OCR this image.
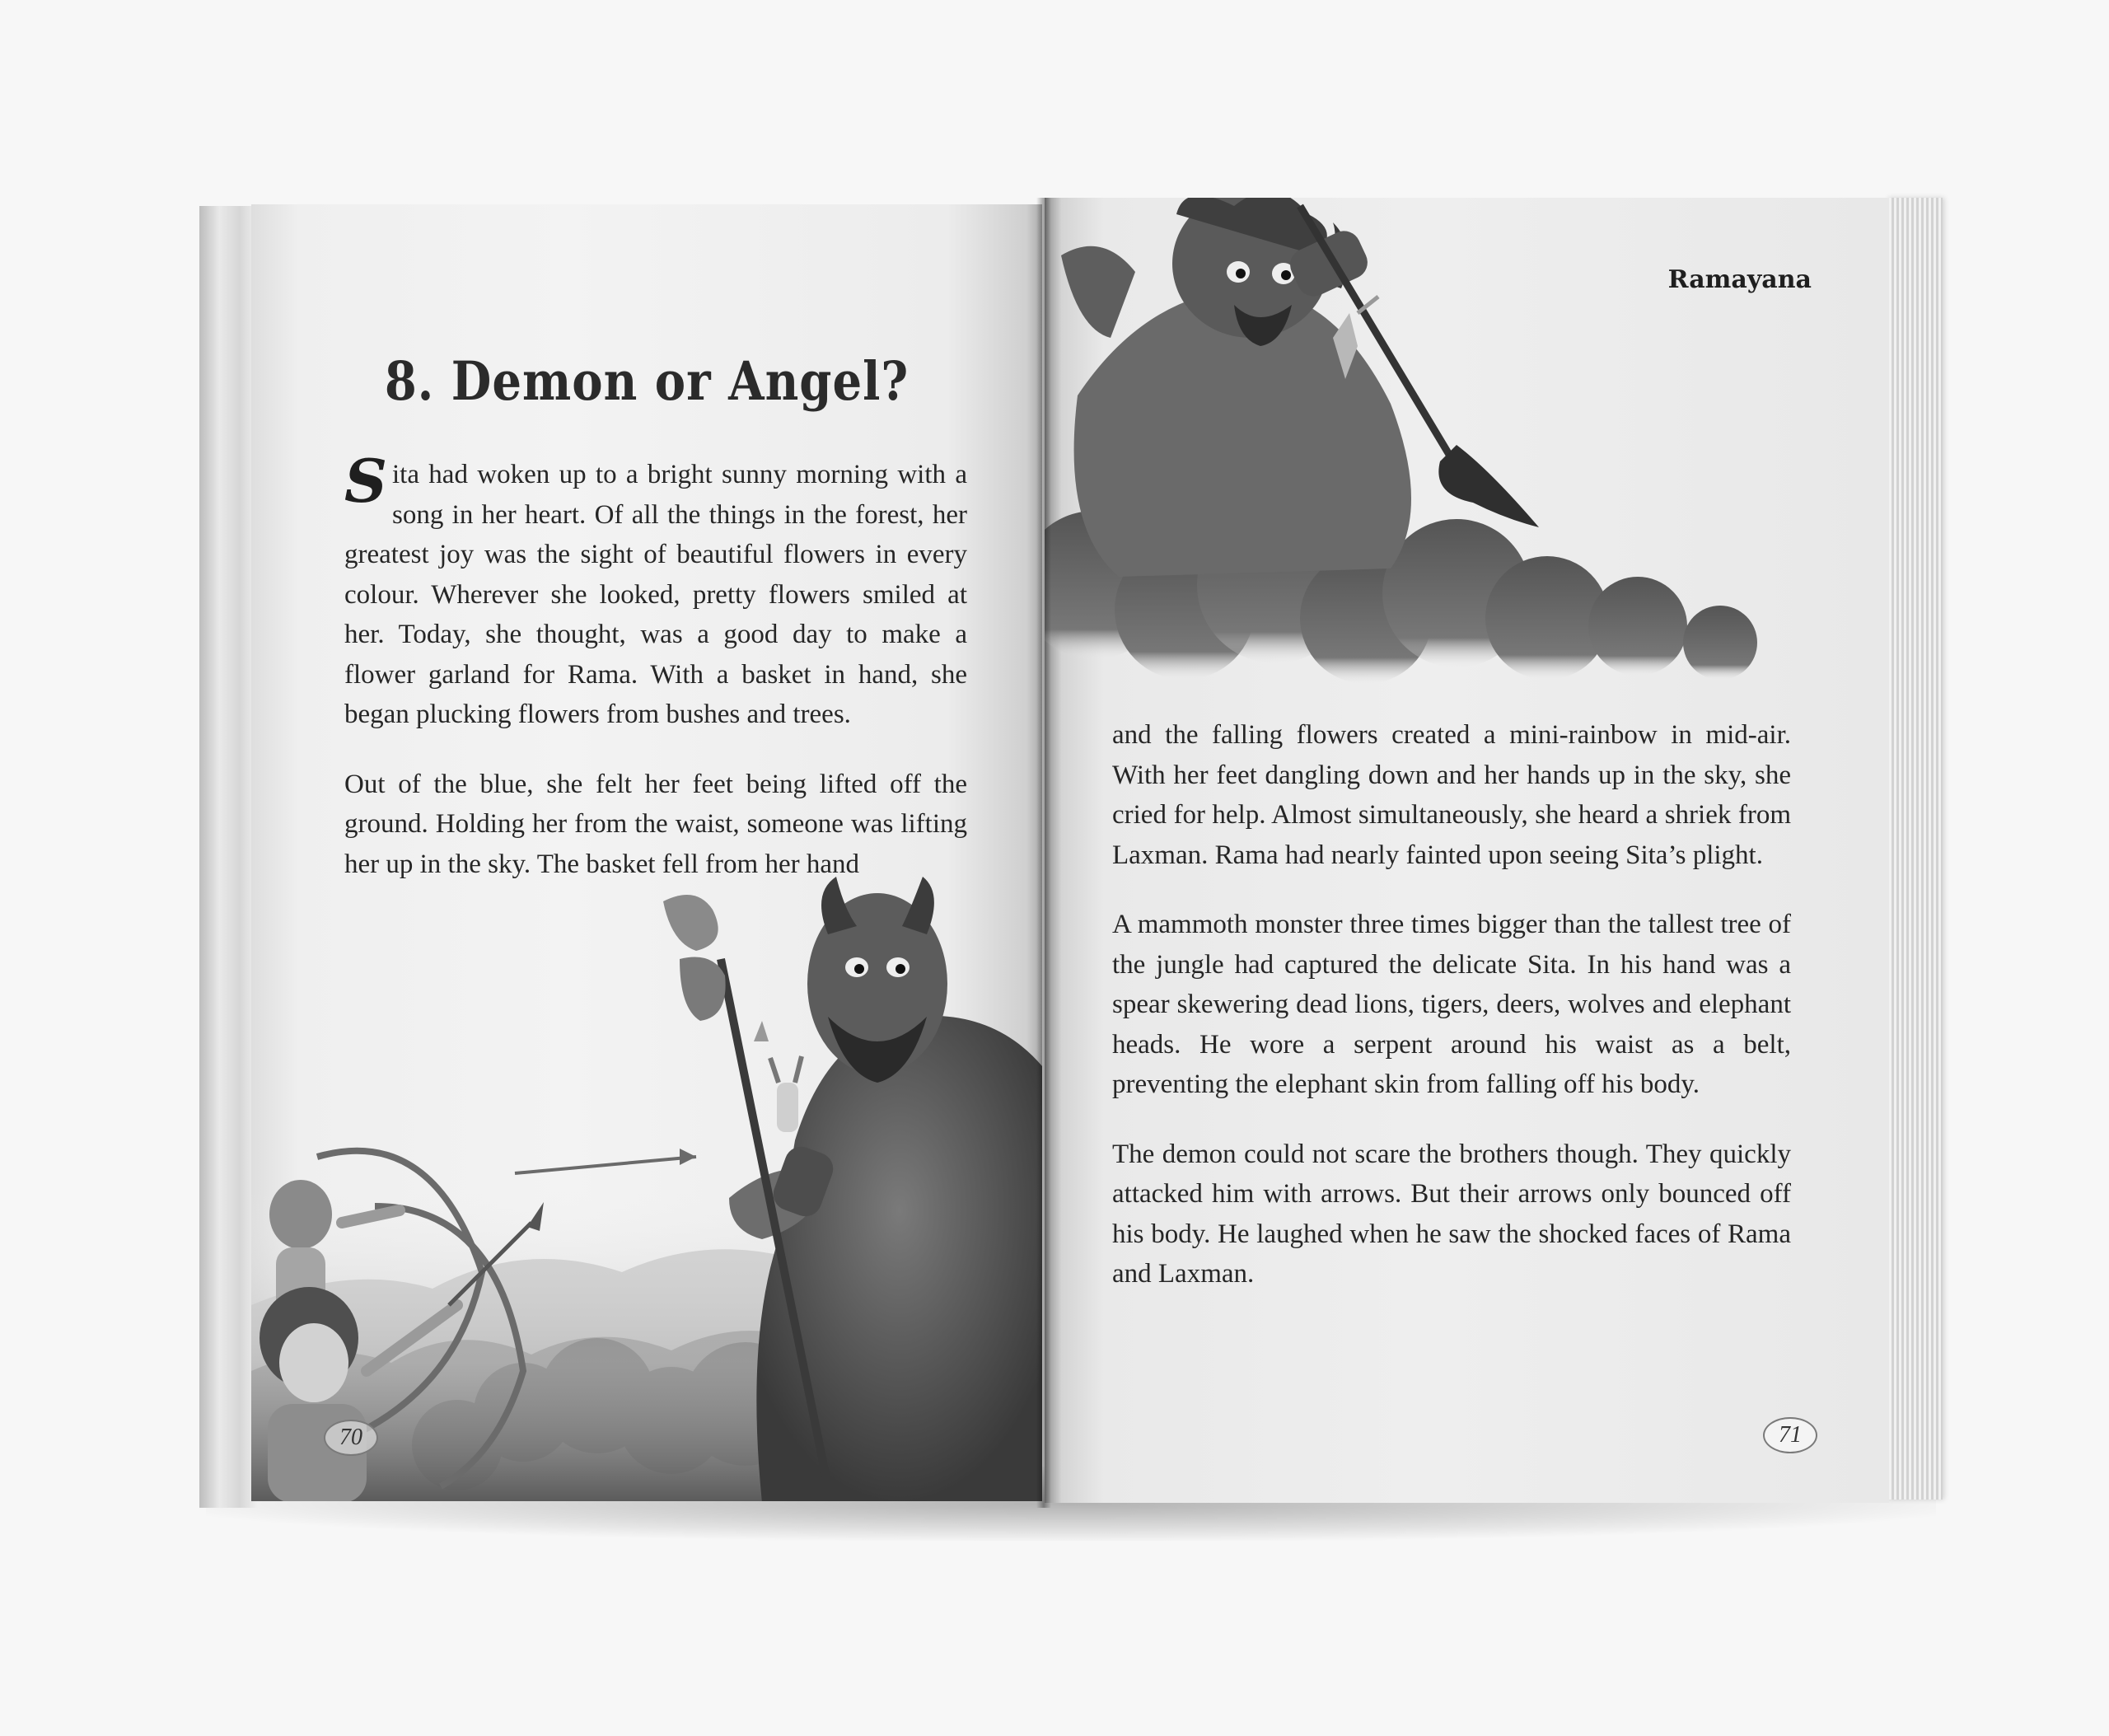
8. Demon or Angel?

Sita had woken up to a bright sunny morning with a song in her heart. Of all the things in the forest, her greatest joy was the sight of beautiful flowers in every colour. Wherever she looked, pretty flowers smiled at her. Today, she thought, was a good day to make a flower garland for Rama. With a basket in hand, she began plucking flowers from bushes and trees.

Out of the blue, she felt her feet being lifted off the ground. Holding her from the waist, someone was lifting her up in the sky. The basket fell from her hand

70
Ramayana

and the falling flowers created a mini-rainbow in mid-air. With her feet dangling down and her hands up in the sky, she cried for help. Almost simultaneously, she heard a shriek from Laxman. Rama had nearly fainted upon seeing Sita’s plight.

A mammoth monster three times bigger than the tallest tree of the jungle had captured the delicate Sita. In his hand was a spear skewering dead lions, tigers, deers, wolves and elephant heads. He wore a serpent around his waist as a belt, preventing the elephant skin from falling off his body.

The demon could not scare the brothers though. They quickly attacked him with arrows. But their arrows only bounced off his body. He laughed when he saw the shocked faces of Rama and Laxman.

71
